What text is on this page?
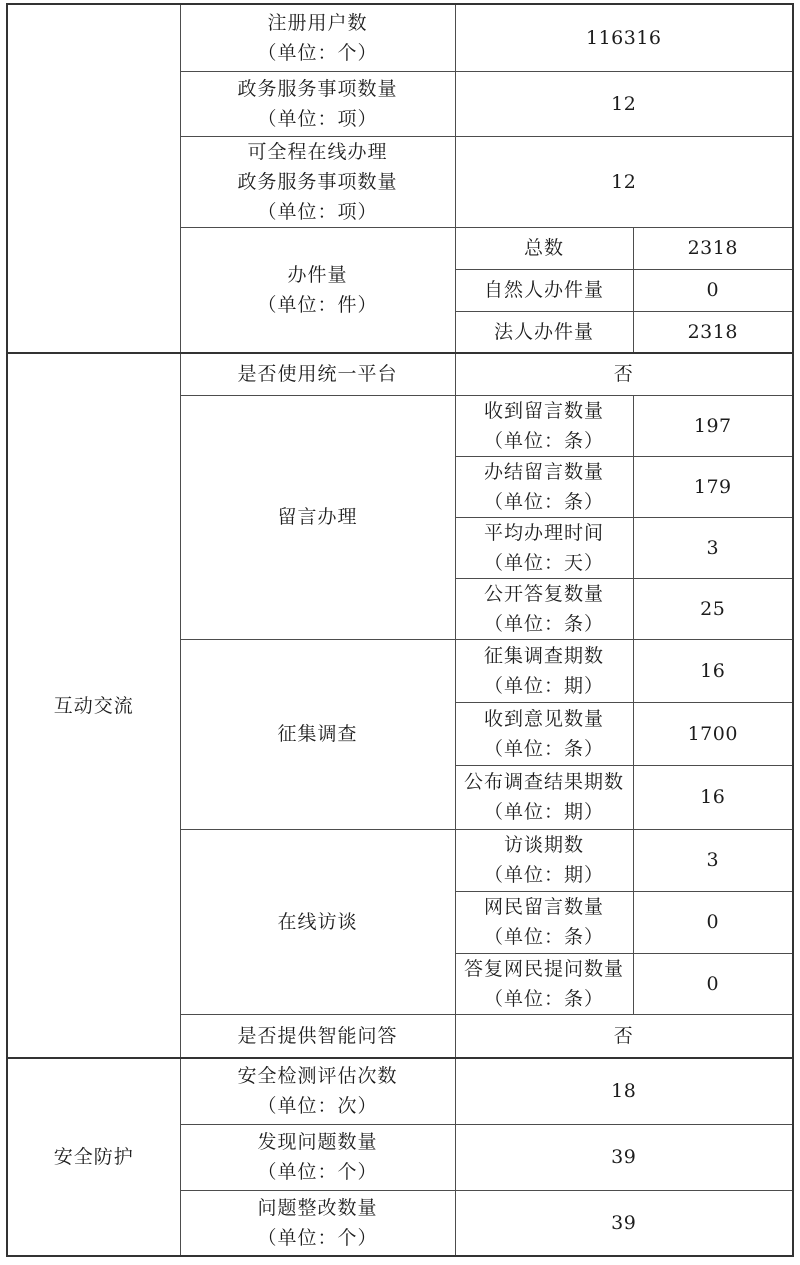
	注册用户数
（单位：个）	116316	

	政务服务事项数量
（单位：项）	12	

	可全程在线办理
政务服务事项数量
（单位：项）	12	

	办件量
（单位：件）	总数	2318
		自然人办件量	0
		法人办件量	2318
互动交流	是否使用统一平台	否	
	留言办理	收到留言数量
（单位：条）	197

		办结留言数量
（单位：条）	179

		平均办理时间
（单位：天）	3

		公开答复数量
（单位：条）	25
	征集调查	征集调查期数
（单位：期）	16

		收到意见数量
（单位：条）	1700

		公布调查结果期数
（单位：期）	16
	在线访谈	访谈期数
（单位：期）	3

		网民留言数量
（单位：条）	0

		答复网民提问数量
（单位：条）	0
	是否提供智能问答	否	
安全防护	安全检测评估次数
（单位：次）	18	

	发现问题数量
（单位：个）	39	

	问题整改数量
（单位：个）	39	
